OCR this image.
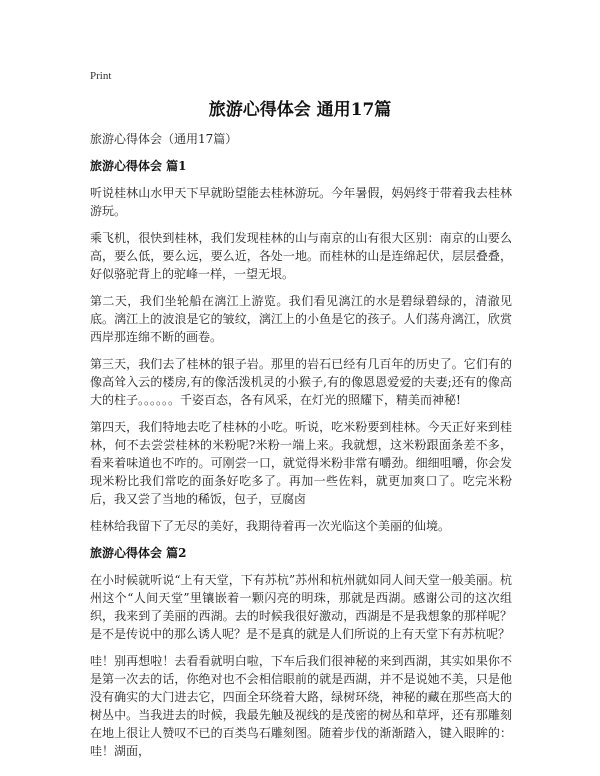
Print
旅游心得体会 通用17篇

旅游心得体会（通用17篇）

旅游心得体会 篇1

听说桂林山水甲天下早就盼望能去桂林游玩。今年暑假，妈妈终于带着我去桂林游玩。

乘飞机，很快到桂林，我们发现桂林的山与南京的山有很大区别：南京的山要么高，要么低，要么远，要么近，各处一地。而桂林的山是连绵起伏，层层叠叠，好似骆驼背上的驼峰一样，一望无垠。

第二天，我们坐轮船在漓江上游览。我们看见漓江的水是碧绿碧绿的，清澈见底。漓江上的波浪是它的皱纹，漓江上的小鱼是它的孩子。人们荡舟漓江，欣赏西岸那连绵不断的画卷。

第三天，我们去了桂林的银子岩。那里的岩石已经有几百年的历史了。它们有的像高耸入云的楼房,有的像活泼机灵的小猴子,有的像恩恩爱爱的夫妻;还有的像高大的柱子。。。。。。千姿百态，各有风采，在灯光的照耀下，精美而神秘!

第四天，我们特地去吃了桂林的小吃。听说，吃米粉要到桂林。今天正好来到桂林，何不去尝尝桂林的米粉呢?米粉一端上来。我就想，这米粉跟面条差不多，看来着味道也不咋的。可刚尝一口，就觉得米粉非常有嚼劲。细细咀嚼，你会发现米粉比我们常吃的面条好吃多了。再加一些佐料，就更加爽口了。吃完米粉后，我又尝了当地的稀饭，包子，豆腐卤

桂林给我留下了无尽的美好，我期待着再一次光临这个美丽的仙境。

旅游心得体会 篇2

在小时候就听说“上有天堂，下有苏杭”苏州和杭州就如同人间天堂一般美丽。杭州这个“人间天堂”里镶嵌着一颗闪亮的明珠，那就是西湖。感谢公司的这次组织，我来到了美丽的西湖。去的时候我很好激动，西湖是不是我想象的那样呢？是不是传说中的那么诱人呢？是不是真的就是人们所说的上有天堂下有苏杭呢？

哇！别再想啦！去看看就明白啦，下车后我们很神秘的来到西湖，其实如果你不是第一次去的话，你绝对也不会相信眼前的就是西湖，并不是说她不美，只是他没有确实的大门进去它，四面全环绕着大路，绿树环绕，神秘的藏在那些高大的树丛中。当我进去的时候，我最先触及视线的是茂密的树丛和草坪，还有那雕刻在地上很让人赞叹不已的百类鸟石雕刻图。随着步伐的渐渐踏入，键入眼眸的：哇！湖面，
